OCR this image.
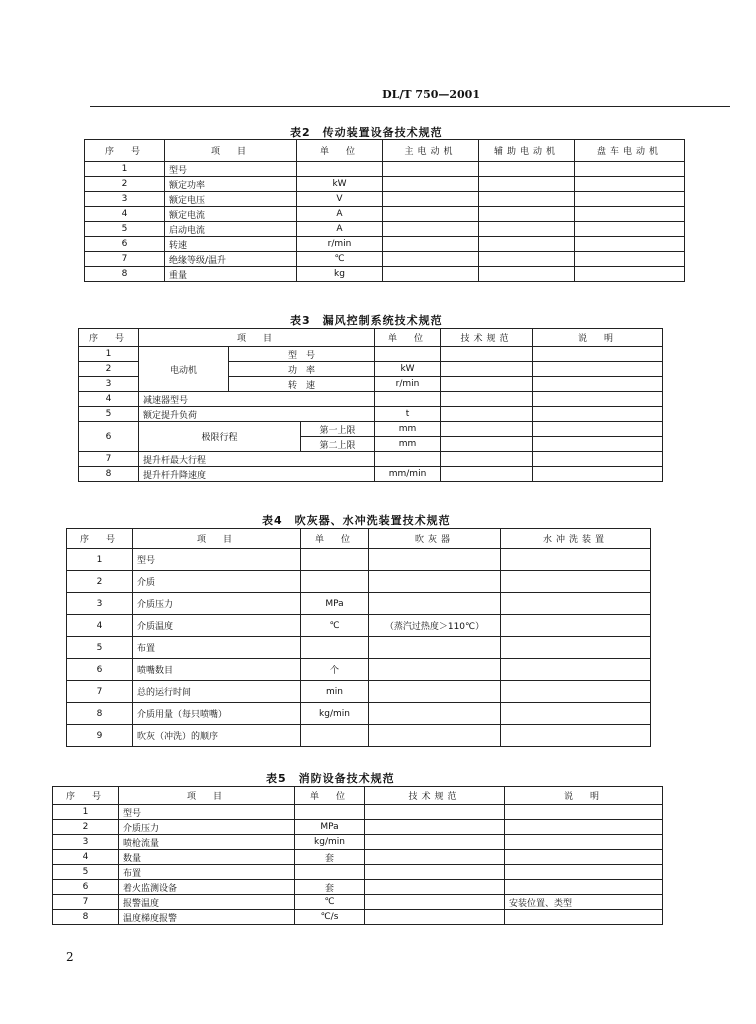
DL/T 750—2001
表2　传动装置设备技术规范
序　号	项　目	单　位	主电动机	辅助电动机	盘车电动机
1	型号				
2	额定功率	kW			
3	额定电压	V			
4	额定电流	A			
5	启动电流	A			
6	转速	r/min			
7	绝缘等级/温升	℃			
8	重量	kg			
表3　漏风控制系统技术规范
序　号	项　目			单　位	技术规范	说　明
1	电动机	型　号				
2		功　率		kW		
3		转　速		r/min		
4	减速器型号					
5	额定提升负荷			t		
6	极限行程		第一上限	mm		
			第二上限	mm		
7	提升杆最大行程					
8	提升杆升降速度			mm/min		
表4　吹灰器、水冲洗装置技术规范
序　号	项　目	单　位	吹灰器	水冲洗装置
1	型号			
2	介质			
3	介质压力	MPa		
4	介质温度	℃	（蒸汽过热度＞110℃）	
5	布置			
6	喷嘴数目	个		
7	总的运行时间	min		
8	介质用量（每只喷嘴）	kg/min		
9	吹灰（冲洗）的顺序			
表5　消防设备技术规范
序　号	项　目	单　位	技术规范	说　明
1	型号			
2	介质压力	MPa		
3	喷枪流量	kg/min		
4	数量	套		
5	布置			
6	着火监测设备	套		
7	报警温度	℃		安装位置、类型
8	温度梯度报警	℃/s		
2
